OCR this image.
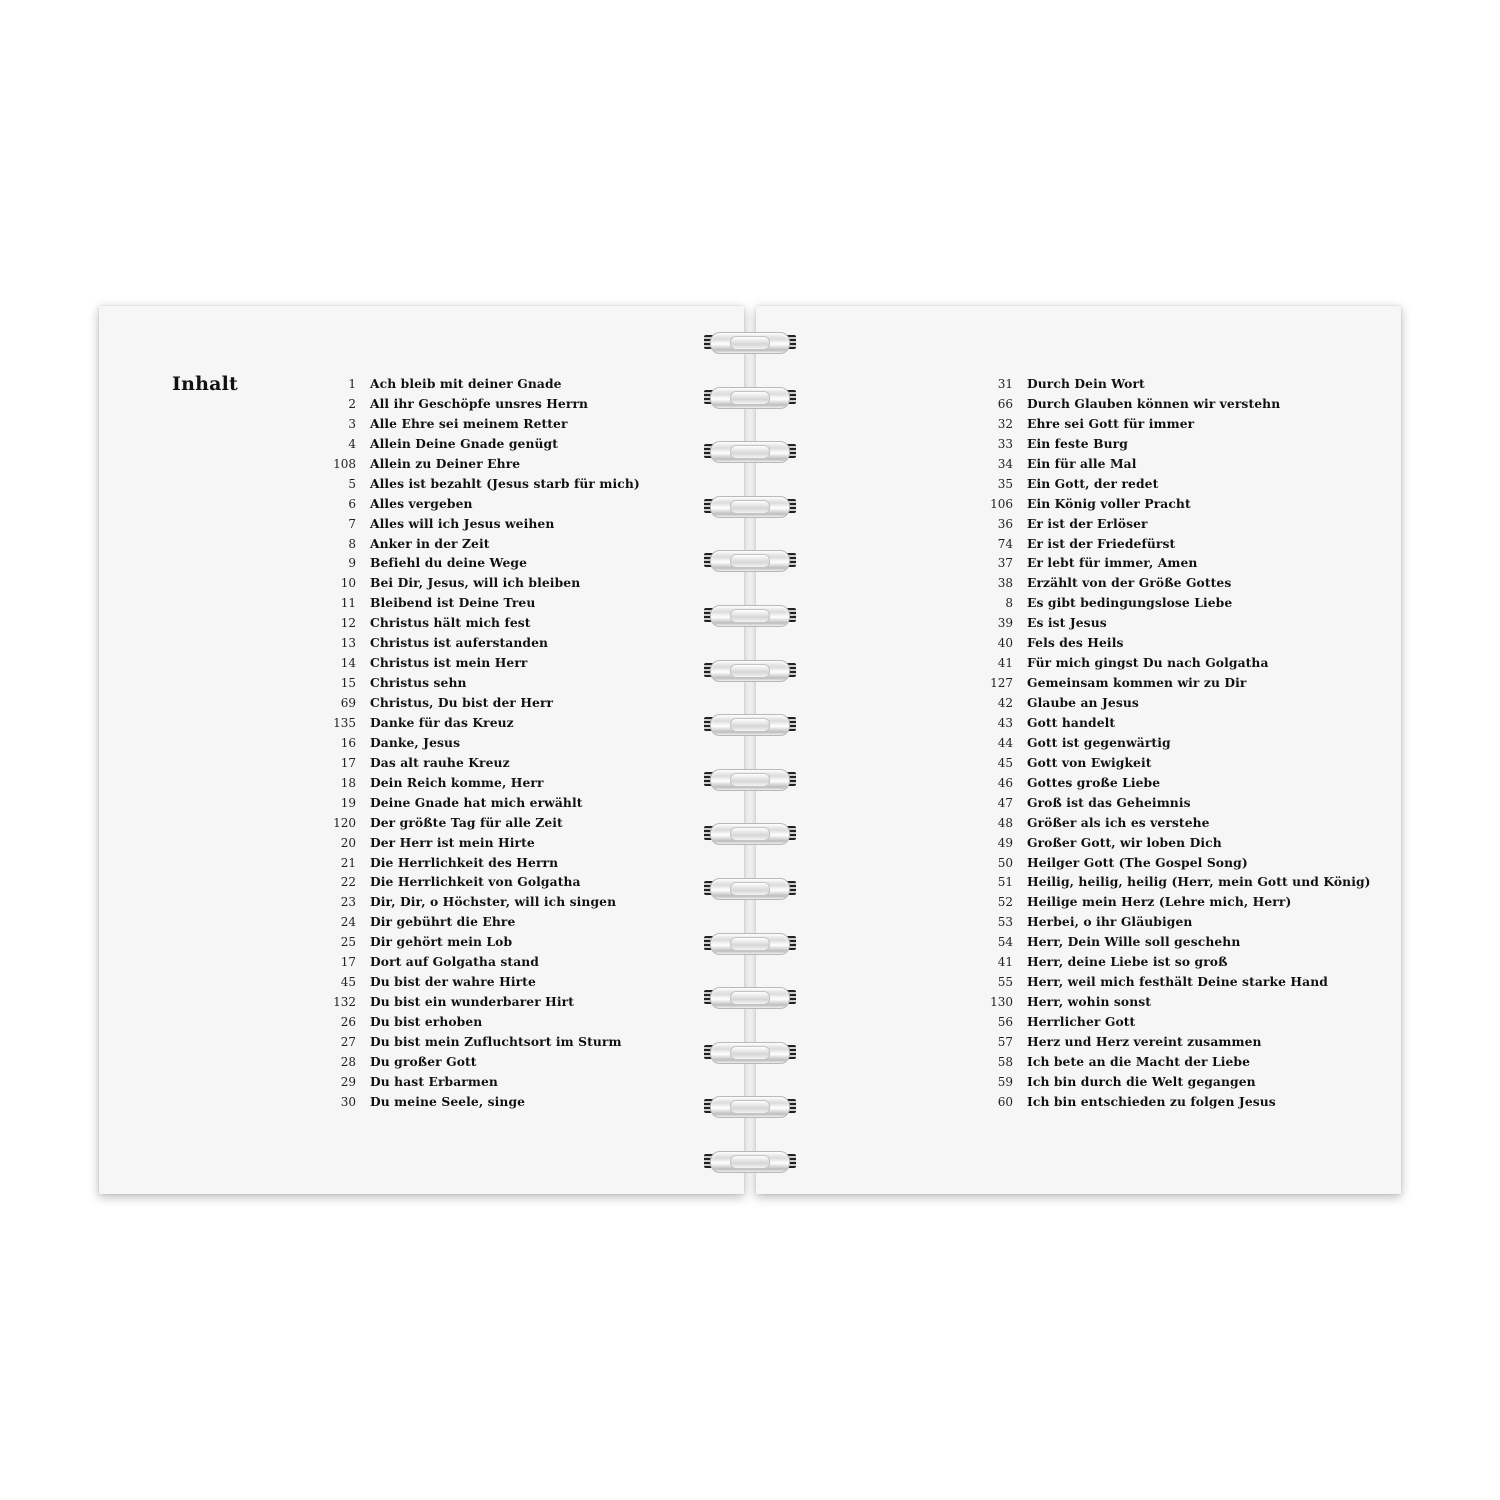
Inhalt	1 Ach bleib mit deiner Gnade
2 All ihr Geschöpfe unsres Herrn
3 Alle Ehre sei meinem Retter
4 Allein Deine Gnade genügt
108 Allein zu Deiner Ehre
5 Alles ist bezahlt (Jesus starb für mich)
6 Alles vergeben
7 Alles will ich Jesus weihen
8 Anker in der Zeit
9 Befiehl du deine Wege
10 Bei Dir, Jesus, will ich bleiben
11 Bleibend ist Deine Treu
12 Christus hält mich fest
13 Christus ist auferstanden
14 Christus ist mein Herr
15 Christus sehn
69 Christus, Du bist der Herr
135 Danke für das Kreuz
16 Danke, Jesus
17 Das alt rauhe Kreuz
18 Dein Reich komme, Herr
19 Deine Gnade hat mich erwählt
120 Der größte Tag für alle Zeit
20 Der Herr ist mein Hirte
21 Die Herrlichkeit des Herrn
22 Die Herrlichkeit von Golgatha
23 Dir, Dir, o Höchster, will ich singen
24 Dir gebührt die Ehre
25 Dir gehört mein Lob
17 Dort auf Golgatha stand
45 Du bist der wahre Hirte
132 Du bist ein wunderbarer Hirt
26 Du bist erhoben
27 Du bist mein Zufluchtsort im Sturm
28 Du großer Gott
29 Du hast Erbarmen
30 Du meine Seele, singe
31 Durch Dein Wort
66 Durch Glauben können wir verstehn
32 Ehre sei Gott für immer
33 Ein feste Burg
34 Ein für alle Mal
35 Ein Gott, der redet
106 Ein König voller Pracht
36 Er ist der Erlöser
74 Er ist der Friedefürst
37 Er lebt für immer, Amen
38 Erzählt von der Größe Gottes
8 Es gibt bedingungslose Liebe
39 Es ist Jesus
40 Fels des Heils
41 Für mich gingst Du nach Golgatha
127 Gemeinsam kommen wir zu Dir
42 Glaube an Jesus
43 Gott handelt
44 Gott ist gegenwärtig
45 Gott von Ewigkeit
46 Gottes große Liebe
47 Groß ist das Geheimnis
48 Größer als ich es verstehe
49 Großer Gott, wir loben Dich
50 Heilger Gott (The Gospel Song)
51 Heilig, heilig, heilig (Herr, mein Gott und König)
52 Heilige mein Herz (Lehre mich, Herr)
53 Herbei, o ihr Gläubigen
54 Herr, Dein Wille soll geschehn
41 Herr, deine Liebe ist so groß
55 Herr, weil mich festhält Deine starke Hand
130 Herr, wohin sonst
56 Herrlicher Gott
57 Herz und Herz vereint zusammen
58 Ich bete an die Macht der Liebe
59 Ich bin durch die Welt gegangen
60 Ich bin entschieden zu folgen Jesus
